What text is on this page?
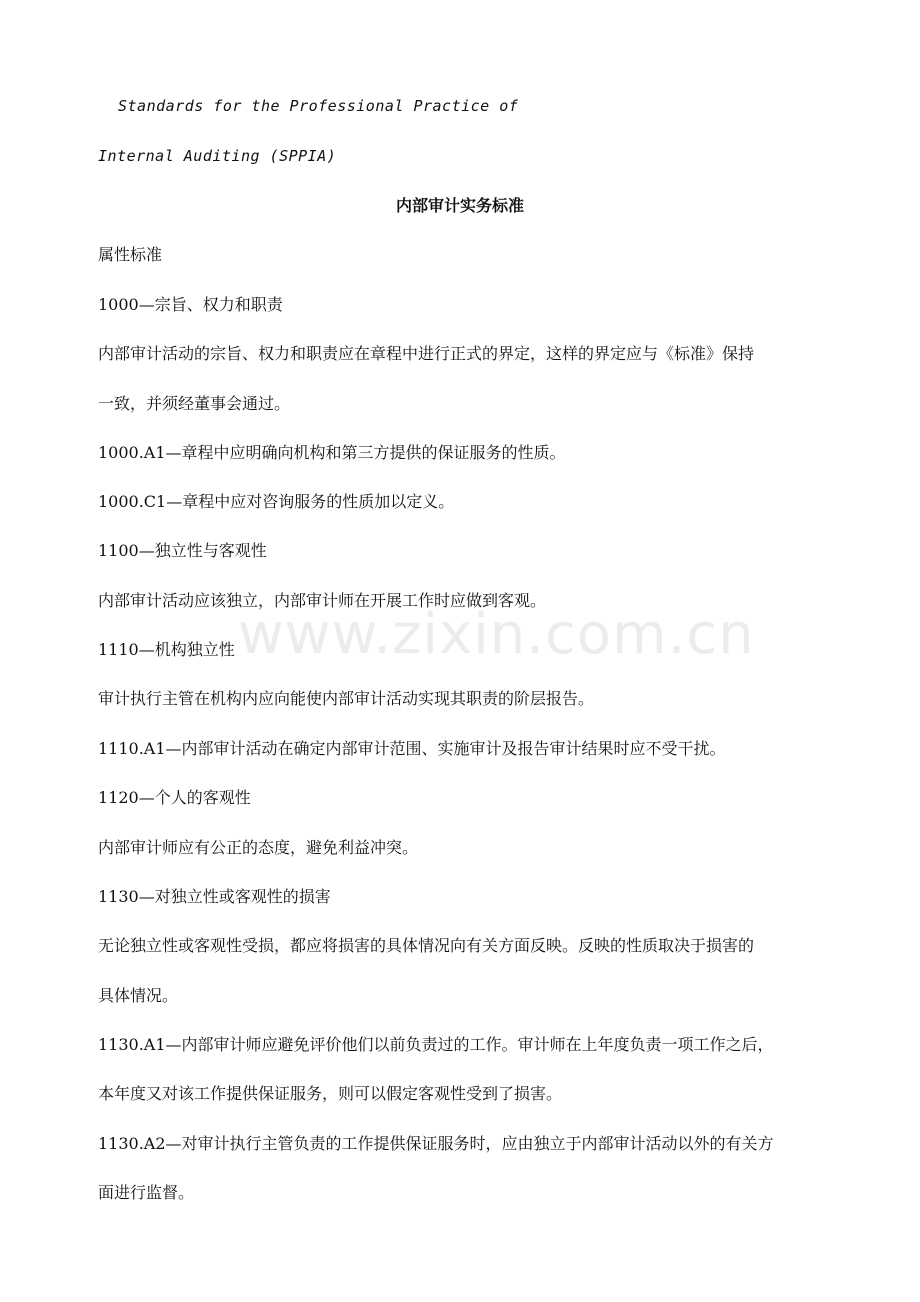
Standards for the Professional Practice of
Internal Auditing (SPPIA)
内部审计实务标准
属性标准
1000—宗旨、权力和职责
内部审计活动的宗旨、权力和职责应在章程中进行正式的界定，这样的界定应与《标准》保持
一致，并须经董事会通过。
1000.A1—章程中应明确向机构和第三方提供的保证服务的性质。
1000.C1—章程中应对咨询服务的性质加以定义。
1100—独立性与客观性
内部审计活动应该独立，内部审计师在开展工作时应做到客观。
1110—机构独立性
审计执行主管在机构内应向能使内部审计活动实现其职责的阶层报告。
1110.A1—内部审计活动在确定内部审计范围、实施审计及报告审计结果时应不受干扰。
1120—个人的客观性
内部审计师应有公正的态度，避免利益冲突。
1130—对独立性或客观性的损害
无论独立性或客观性受损，都应将损害的具体情况向有关方面反映。反映的性质取决于损害的
具体情况。
1130.A1—内部审计师应避免评价他们以前负责过的工作。审计师在上年度负责一项工作之后，
本年度又对该工作提供保证服务，则可以假定客观性受到了损害。
1130.A2—对审计执行主管负责的工作提供保证服务时，应由独立于内部审计活动以外的有关方
面进行监督。
www.zixin.com.cn
